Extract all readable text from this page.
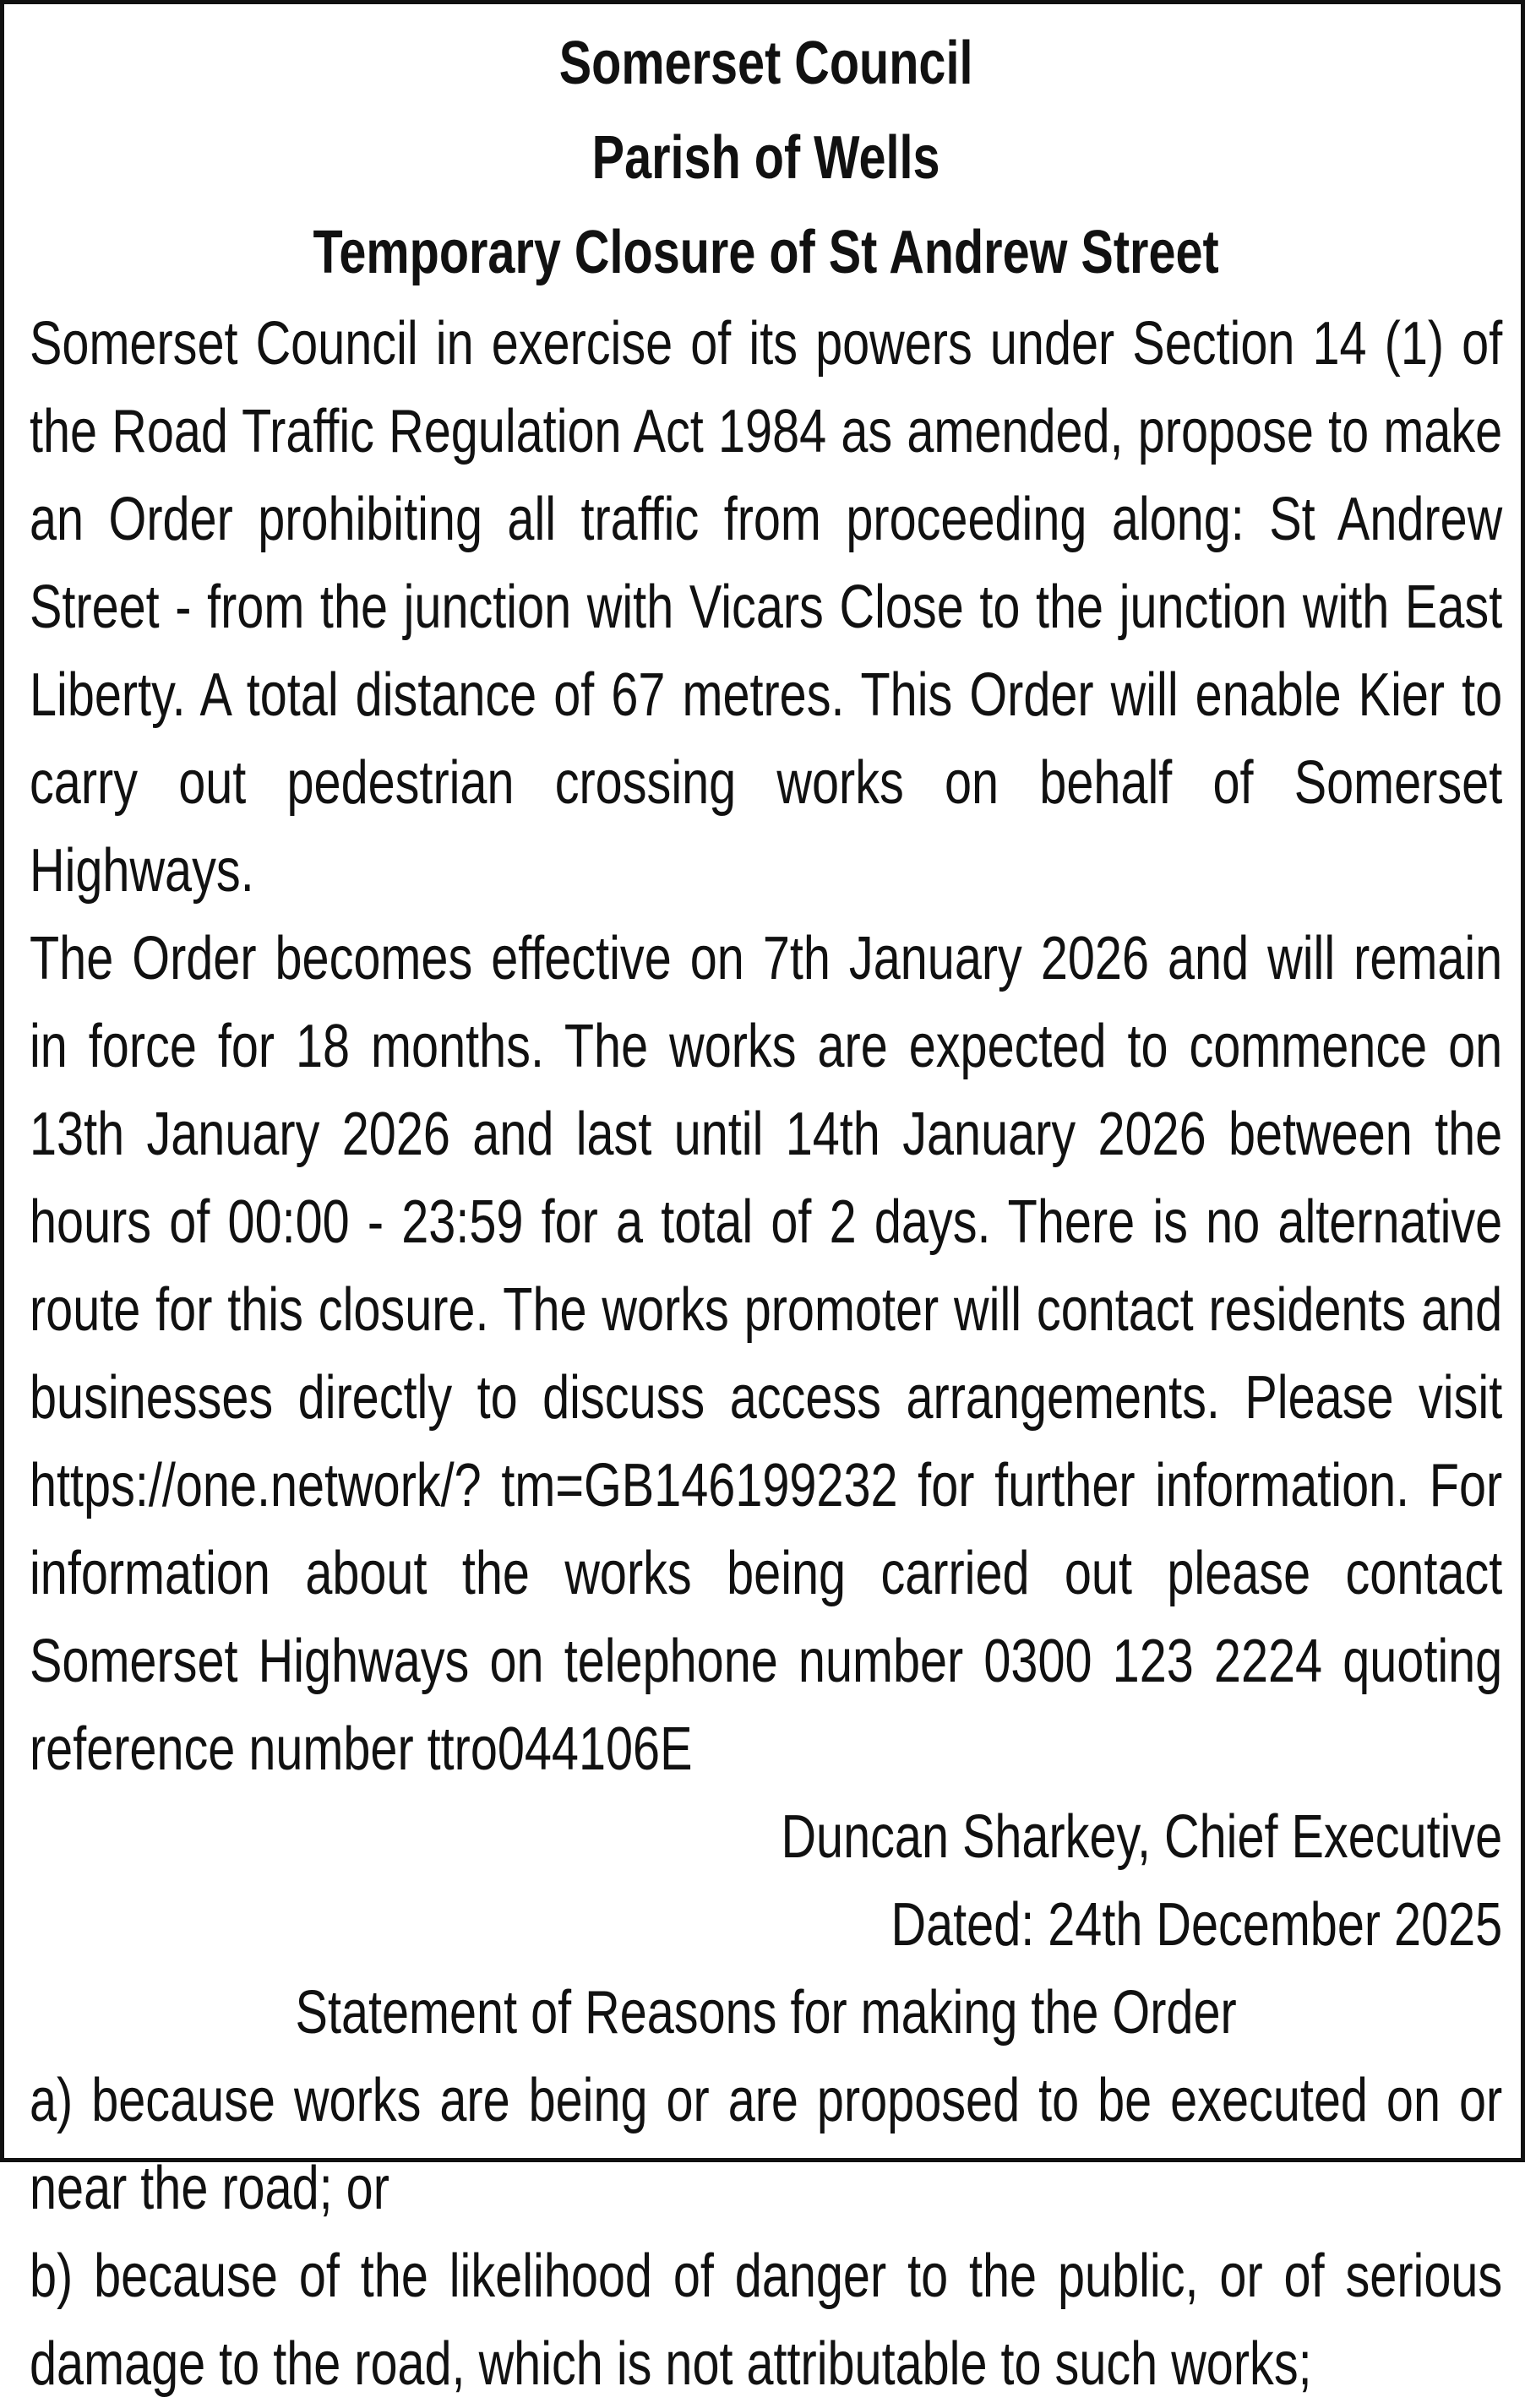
Somerset Council

Parish of Wells

Temporary Closure of St Andrew Street

Somerset Council in exercise of its powers under Section 14 (1) of the Road Traffic Regulation Act 1984 as amended, propose to make an Order prohibiting all traffic from proceeding along: St Andrew Street - from the junction with Vicars Close to the junction with East Liberty. A total distance of 67 metres. This Order will enable Kier to carry out pedestrian crossing works on behalf of Somerset Highways.

The Order becomes effective on 7th January 2026 and will remain in force for 18 months. The works are expected to commence on 13th January 2026 and last until 14th January 2026 between the hours of 00:00 - 23:59 for a total of 2 days. There is no alternative route for this closure. The works promoter will contact residents and businesses directly to discuss access arrangements. Please visit https://one.network/? tm=GB146199232 for further information. For information about the works being carried out please contact Somerset Highways on telephone number 0300 123 2224 quoting reference number ttro044106E

Duncan Sharkey, Chief Executive

Dated: 24th December 2025

Statement of Reasons for making the Order

a) because works are being or are proposed to be executed on or near the road; or

b) because of the likelihood of danger to the public, or of serious damage to the road, which is not attributable to such works;
